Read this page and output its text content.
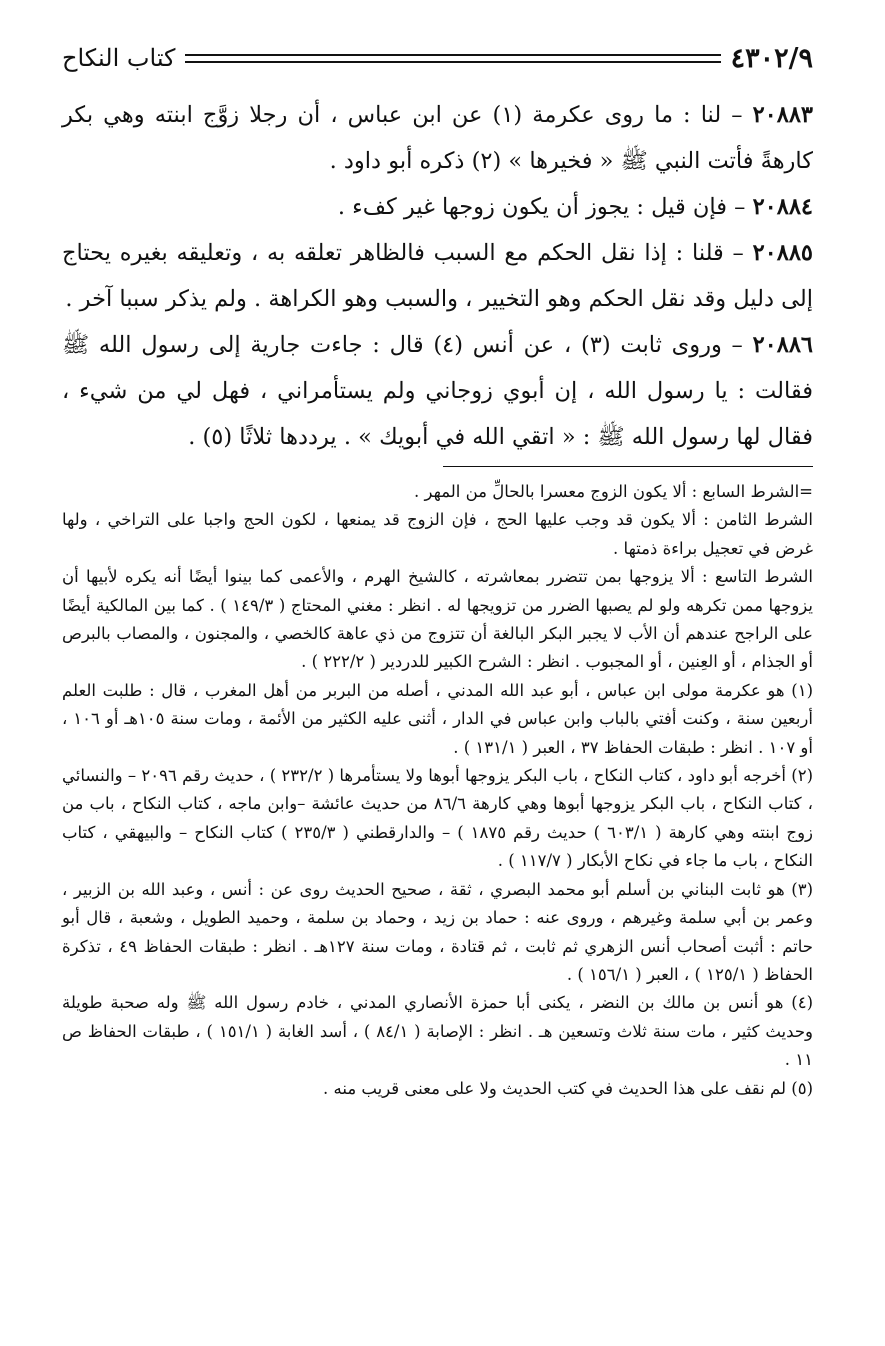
٤٣٠٢/٩
كتاب النكاح

٢٠٨٨٣ – لنا : ما روى عكرمة (١) عن ابن عباس ، أن رجلا زوَّج ابنته وهي بكر كارهةً فأتت النبي ﷺ « فخيرها » (٢) ذكره أبو داود .

٢٠٨٨٤ – فإن قيل : يجوز أن يكون زوجها غير كفء .

٢٠٨٨٥ – قلنا : إذا نقل الحكم مع السبب فالظاهر تعلقه به ، وتعليقه بغيره يحتاج إلى دليل وقد نقل الحكم وهو التخيير ، والسبب وهو الكراهة . ولم يذكر سببا آخر .

٢٠٨٨٦ – وروى ثابت (٣) ، عن أنس (٤) قال : جاءت جارية إلى رسول الله ﷺ فقالت : يا رسول الله ، إن أبوي زوجاني ولم يستأمراني ، فهل لي من شيء ، فقال لها رسول الله ﷺ : « اتقي الله في أبويك » . يرددها ثلاثًا (٥) .

=الشرط السابع : ألا يكون الزوج معسرا بالحالِّ من المهر .

الشرط الثامن : ألا يكون قد وجب عليها الحج ، فإن الزوج قد يمنعها ، لكون الحج واجبا على التراخي ، ولها غرض في تعجيل براءة ذمتها .

الشرط التاسع : ألا يزوجها بمن تتضرر بمعاشرته ، كالشيخ الهرم ، والأعمى كما بينوا أيضًا أنه يكره لأبيها أن يزوجها ممن تكرهه ولو لم يصبها الضرر من تزويجها له . انظر : مغني المحتاج ( ١٤٩/٣ ) . كما بين المالكية أيضًا على الراجح عندهم أن الأب لا يجبر البكر البالغة أن تتزوج من ذي عاهة كالخصي ، والمجنون ، والمصاب بالبرص أو الجذام ، أو العِنين ، أو المجبوب . انظر : الشرح الكبير للدردير ( ٢٢٢/٢ ) .

(١) هو عكرمة مولى ابن عباس ، أبو عبد الله المدني ، أصله من البربر من أهل المغرب ، قال : طلبت العلم أربعين سنة ، وكنت أفتي بالباب وابن عباس في الدار ، أثنى عليه الكثير من الأئمة ، ومات سنة ١٠٥هـ أو ١٠٦ ، أو ١٠٧ . انظر : طبقات الحفاظ ٣٧ ، العبر ( ١٣١/١ ) .

(٢) أخرجه أبو داود ، كتاب النكاح ، باب البكر يزوجها أبوها ولا يستأمرها ( ٢٣٢/٢ ) ، حديث رقم ٢٠٩٦ – والنسائي ، كتاب النكاح ، باب البكر يزوجها أبوها وهي كارهة ٨٦/٦ من حديث عائشة –وابن ماجه ، كتاب النكاح ، باب من زوج ابنته وهي كارهة ( ٦٠٣/١ ) حديث رقم ١٨٧٥ ) – والدارقطني ( ٢٣٥/٣ ) كتاب النكاح – والبيهقي ، كتاب النكاح ، باب ما جاء في نكاح الأبكار ( ١١٧/٧ ) .

(٣) هو ثابت البناني بن أسلم أبو محمد البصري ، ثقة ، صحيح الحديث روى عن : أنس ، وعبد الله بن الزبير ، وعمر بن أبي سلمة وغيرهم ، وروى عنه : حماد بن زيد ، وحماد بن سلمة ، وحميد الطويل ، وشعبة ، قال أبو حاتم : أثبت أصحاب أنس الزهري ثم ثابت ، ثم قتادة ، ومات سنة ١٢٧هـ . انظر : طبقات الحفاظ ٤٩ ، تذكرة الحفاظ ( ١٢٥/١ ) ، العبر ( ١٥٦/١ ) .

(٤) هو أنس بن مالك بن النضر ، يكنى أبا حمزة الأنصاري المدني ، خادم رسول الله ﷺ وله صحبة طويلة وحديث كثير ، مات سنة ثلاث وتسعين هـ . انظر : الإصابة ( ٨٤/١ ) ، أسد الغابة ( ١٥١/١ ) ، طبقات الحفاظ ص ١١ .

(٥) لم نقف على هذا الحديث في كتب الحديث ولا على معنى قريب منه .
